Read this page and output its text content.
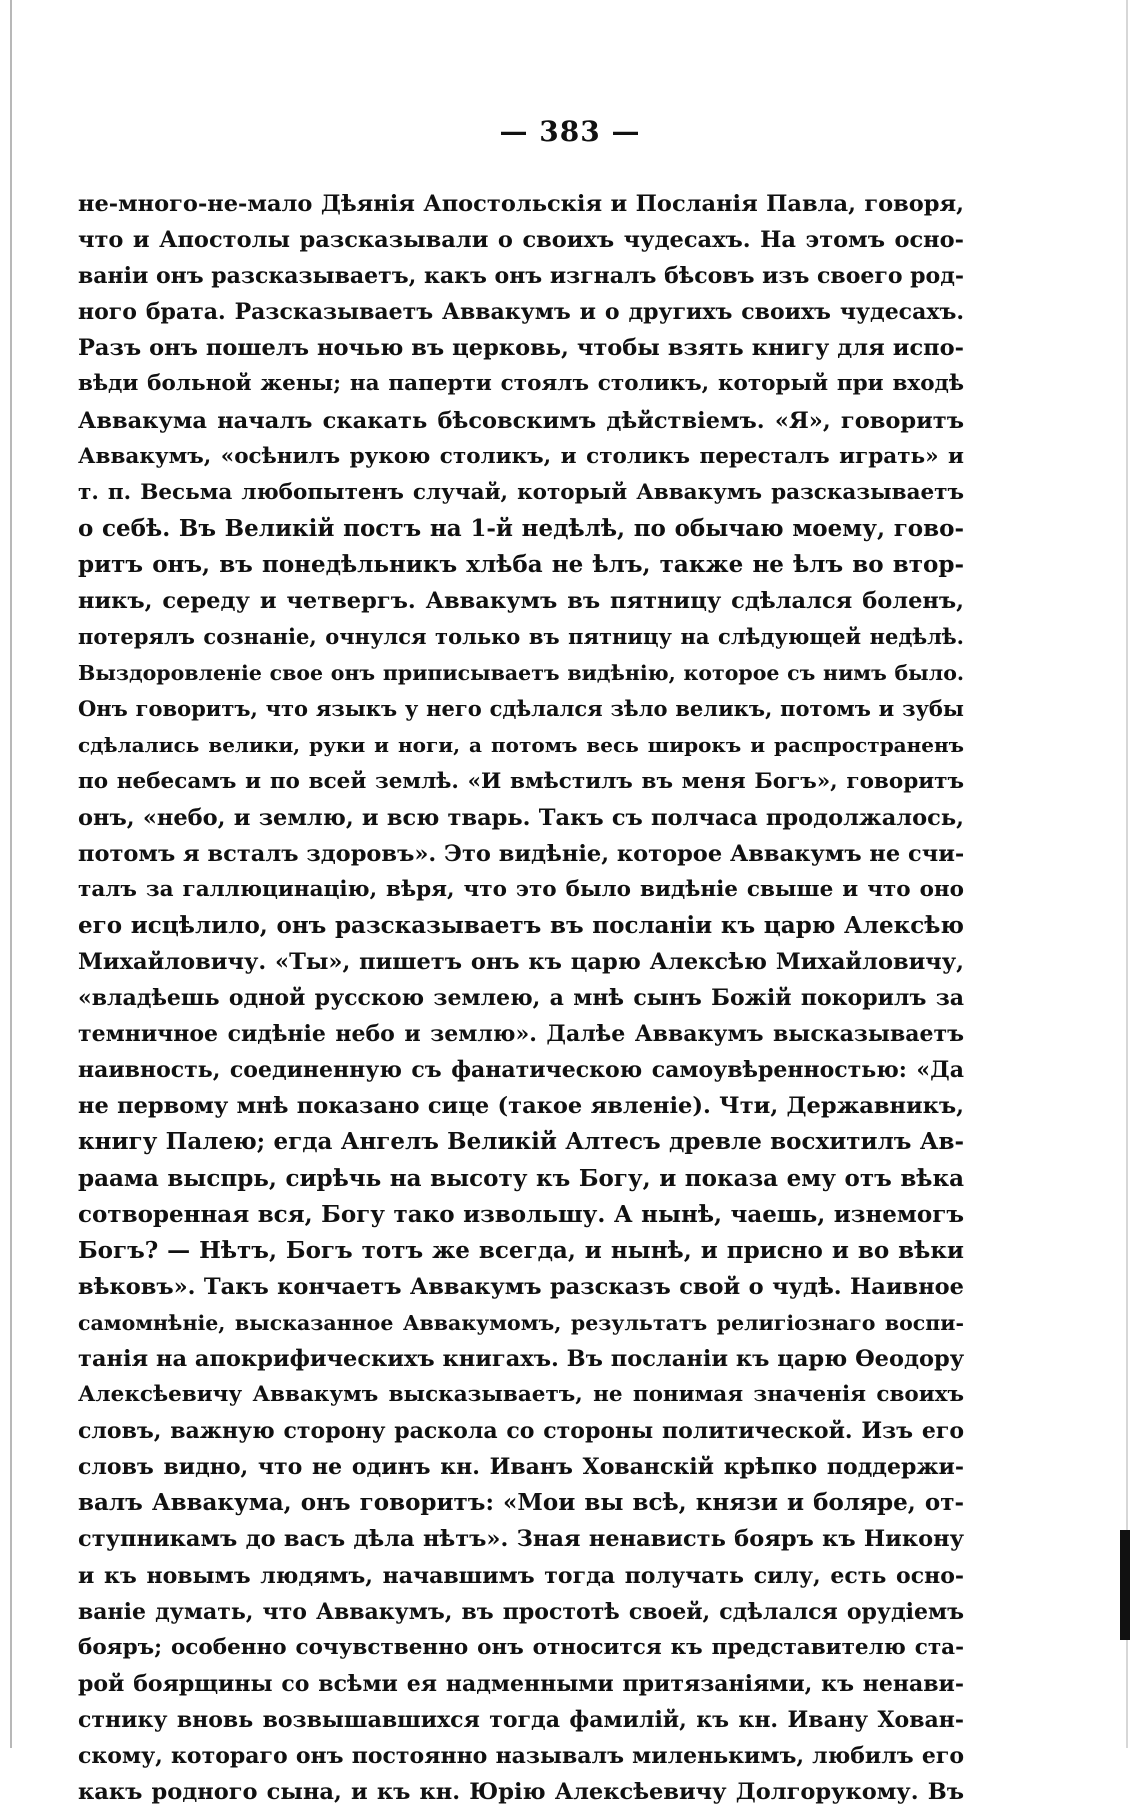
— 383 —
не-много-не-мало Дѣянія Апостольскія и Посланія Павла, говоря,
что и Апостолы разсказывали о своихъ чудесахъ. На этомъ осно-
ваніи онъ разсказываетъ, какъ онъ изгналъ бѣсовъ изъ своего род-
ного брата. Разсказываетъ Аввакумъ и о другихъ своихъ чудесахъ.
Разъ онъ пошелъ ночью въ церковь, чтобы взять книгу для испо-
вѣди больной жены; на паперти стоялъ столикъ, который при входѣ
Аввакума началъ скакать бѣсовскимъ дѣйствіемъ. «Я», говоритъ
Аввакумъ, «осѣнилъ рукою столикъ, и столикъ пересталъ играть» и
т. п. Весьма любопытенъ случай, который Аввакумъ разсказываетъ
о себѣ. Въ Великій постъ на 1-й недѣлѣ, по обычаю моему, гово-
ритъ онъ, въ понедѣльникъ хлѣба не ѣлъ, также не ѣлъ во втор-
никъ, середу и четвергъ. Аввакумъ въ пятницу сдѣлался боленъ,
потерялъ сознаніе, очнулся только въ пятницу на слѣдующей недѣлѣ.
Выздоровленіе свое онъ приписываетъ видѣнію, которое съ нимъ было.
Онъ говоритъ, что языкъ у него сдѣлался зѣло великъ, потомъ и зубы
сдѣлались велики, руки и ноги, а потомъ весь широкъ и распространенъ
по небесамъ и по всей землѣ. «И вмѣстилъ въ меня Богъ», говоритъ
онъ, «небо, и землю, и всю тварь. Такъ съ полчаса продолжалось,
потомъ я всталъ здоровъ». Это видѣніе, которое Аввакумъ не счи-
талъ за галлюцинацію, вѣря, что это было видѣніе свыше и что оно
его исцѣлило, онъ разсказываетъ въ посланіи къ царю Алексѣю
Михайловичу. «Ты», пишетъ онъ къ царю Алексѣю Михайловичу,
«владѣешь одной русскою землею, а мнѣ сынъ Божій покорилъ за
темничное сидѣніе небо и землю». Далѣе Аввакумъ высказываетъ
наивность, соединенную съ фанатическою самоувѣренностью: «Да
не первому мнѣ показано сице (такое явленіе). Чти, Державникъ,
книгу Палею; егда Ангелъ Великій Алтесъ древле восхитилъ Ав-
раама выспрь, сирѣчь на высоту къ Богу, и показа ему отъ вѣка
сотворенная вся, Богу тако извольшу. А нынѣ, чаешь, изнемогъ
Богъ? — Нѣтъ, Богъ тотъ же всегда, и нынѣ, и присно и во вѣки
вѣковъ». Такъ кончаетъ Аввакумъ разсказъ свой о чудѣ. Наивное
самомнѣніе, высказанное Аввакумомъ, результатъ религіознаго воспи-
танія на апокрифическихъ книгахъ. Въ посланіи къ царю Ѳеодору
Алексѣевичу Аввакумъ высказываетъ, не понимая значенія своихъ
словъ, важную сторону раскола со стороны политической. Изъ его
словъ видно, что не одинъ кн. Иванъ Хованскій крѣпко поддержи-
валъ Аввакума, онъ говоритъ: «Мои вы всѣ, князи и боляре, от-
ступникамъ до васъ дѣла нѣтъ». Зная ненависть бояръ къ Никону
и къ новымъ людямъ, начавшимъ тогда получать силу, есть осно-
ваніе думать, что Аввакумъ, въ простотѣ своей, сдѣлался орудіемъ
бояръ; особенно сочувственно онъ относится къ представителю ста-
рой боярщины со всѣми ея надменными притязаніями, къ ненави-
стнику вновь возвышавшихся тогда фамилій, къ кн. Ивану Хован-
скому, котораго онъ постоянно называлъ миленькимъ, любилъ его
какъ родного сына, и къ кн. Юрію Алексѣевичу Долгорукому. Въ
